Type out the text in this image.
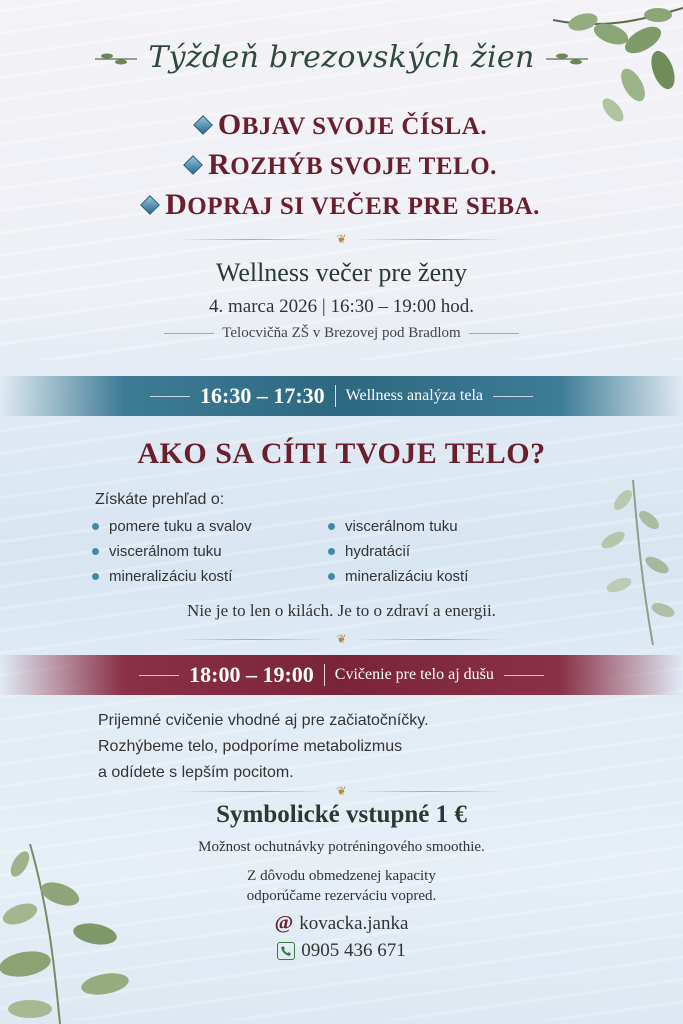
Týždeň brezovských žien
OBJAV SVOJE ČÍSLA.
ROZHÝB SVOJE TELO.
DOPRAJ SI VEČER PRE SEBA.
❦
Wellness večer pre ženy
4. marca 2026 | 16:30 – 19:00 hod.
Telocvičňa ZŠ v Brezovej pod Bradlom
16:30 – 17:30 Wellness analýza tela
AKO SA CÍTI TVOJE TELO?
Získáte prehľad o:
pomere tuku a svalov	viscerálnom tuku
viscerálnom tuku	hydratácií
mineralizáciu kostí	mineralizáciu kostí
Nie je to len o kilách. Je to o zdraví a energii.
❦
18:00 – 19:00 Cvičenie pre telo aj dušu

Prijemné cvičenie vhodné aj pre začiatočníčky.

Rozhýbeme telo, podporíme metabolizmus

a odídete s lepším pocitom.

❦
Symbolické vstupné 1 €
Možnost ochutnávky potréningového smoothie.
Z dôvodu obmedzenej kapacity
odporúčame rezerváciu vopred.
@ kovacka.janka
0905 436 671
